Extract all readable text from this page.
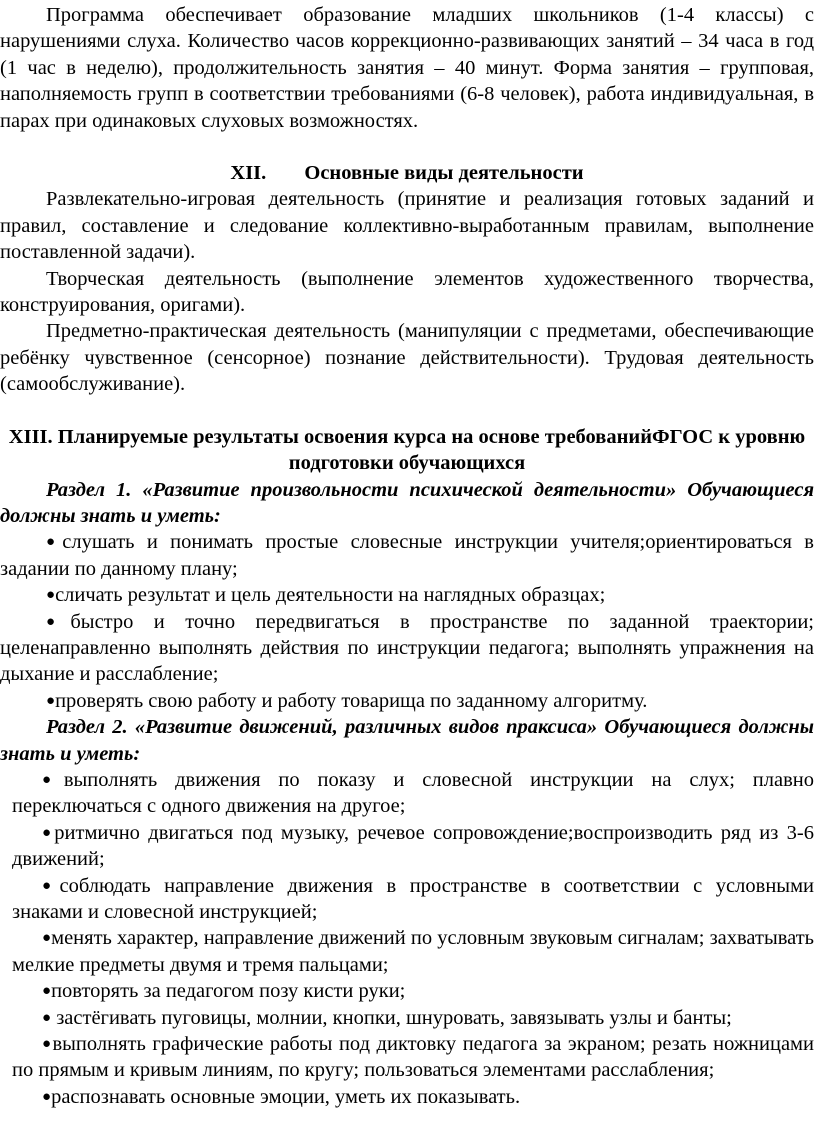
Программа обеспечивает образование младших школьников (1-4 классы) с нарушениями слуха. Количество часов коррекционно-развивающих занятий – 34 часа в год (1 час в неделю), продолжительность занятия – 40 минут. Форма занятия – групповая, наполняемость групп в соответствии требованиями (6-8 человек), работа индивидуальная, в парах при одинаковых слуховых возможностях.

XII. Основные виды деятельности

Развлекательно-игровая деятельность (принятие и реализация готовых заданий и правил, составление и следование коллективно-выработанным правилам, выполнение поставленной задачи).

Творческая деятельность (выполнение элементов художественного творчества, конструирования, оригами).

Предметно-практическая деятельность (манипуляции с предметами, обеспечивающие ребёнку чувственное (сенсорное) познание действительности). Трудовая деятельность (самообслуживание).

XIII. Планируемые результаты освоения курса на основе требованийФГОС к уровню подготовки обучающихся

Раздел 1. «Развитие произвольности психической деятельности» Обучающиеся должны знать и уметь:

●слушать и понимать простые словесные инструкции учителя;ориентироваться в задании по данному плану;

●сличать результат и цель деятельности на наглядных образцах;

●быстро и точно передвигаться в пространстве по заданной траектории; целенаправленно выполнять действия по инструкции педагога; выполнять упражнения на дыхание и расслабление;

●проверять свою работу и работу товарища по заданному алгоритму.

Раздел 2. «Развитие движений, различных видов праксиса» Обучающиеся должны знать и уметь:

●выполнять движения по показу и словесной инструкции на слух; плавно переключаться с одного движения на другое;

●ритмично двигаться под музыку, речевое сопровождение;воспроизводить ряд из 3-6 движений;

●соблюдать направление движения в пространстве в соответствии с условными знаками и словесной инструкцией;

●менять характер, направление движений по условным звуковым сигналам; захватывать мелкие предметы двумя и тремя пальцами;

●повторять за педагогом позу кисти руки;

● застёгивать пуговицы, молнии, кнопки, шнуровать, завязывать узлы и банты;

●выполнять графические работы под диктовку педагога за экраном; резать ножницами по прямым и кривым линиям, по кругу; пользоваться элементами расслабления;

●распознавать основные эмоции, уметь их показывать.
